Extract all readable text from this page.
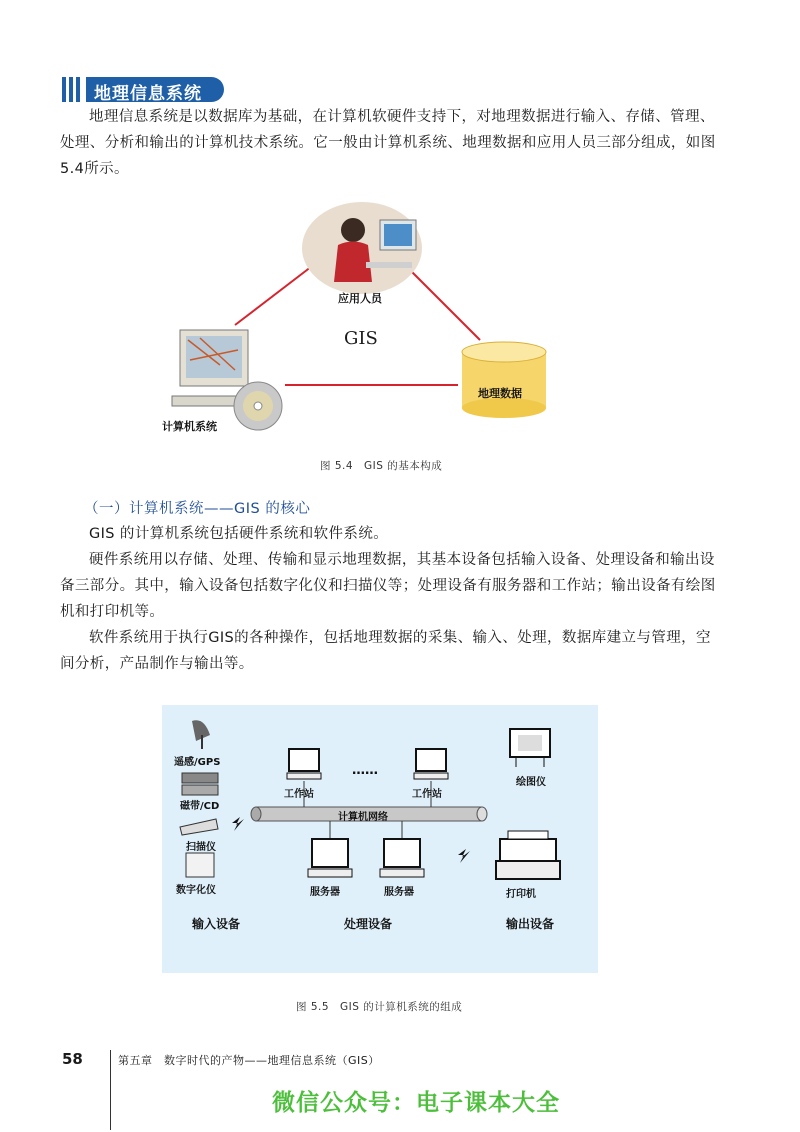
地理信息系统

地理信息系统是以数据库为基础，在计算机软硬件支持下，对地理数据进行输入、存储、管理、处理、分析和输出的计算机技术系统。它一般由计算机系统、地理数据和应用人员三部分组成，如图5.4所示。

GIS
应用人员
计算机系统
地理数据
图 5.4　GIS 的基本构成
（一）计算机系统——GIS 的核心

GIS 的计算机系统包括硬件系统和软件系统。

硬件系统用以存储、处理、传输和显示地理数据，其基本设备包括输入设备、处理设备和输出设备三部分。其中，输入设备包括数字化仪和扫描仪等；处理设备有服务器和工作站；输出设备有绘图机和打印机等。

软件系统用于执行GIS的各种操作，包括地理数据的采集、输入、处理，数据库建立与管理，空间分析，产品制作与输出等。

遥感/GPS
磁带/CD
扫描仪
数字化仪
工作站	工作站
……
计算机网络
服务器	服务器
绘图仪
打印机
输入设备	处理设备	输出设备
图 5.5　GIS 的计算机系统的组成
58	第五章　数字时代的产物——地理信息系统（GIS）
微信公众号：电子课本大全
